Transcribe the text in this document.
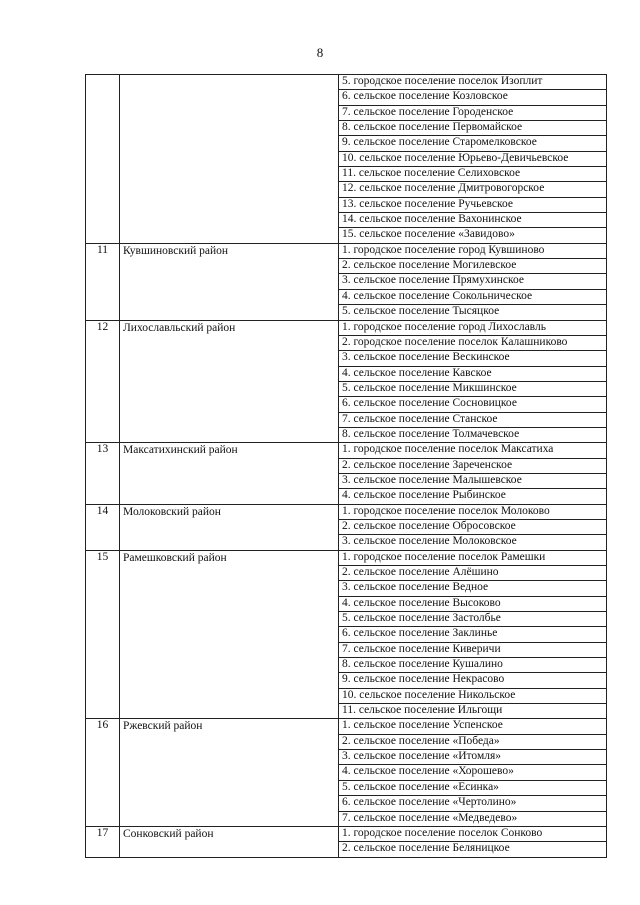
8
		5. городское поселение поселок Изоплит
		6. сельское поселение Козловское
		7. сельское поселение Городенское
		8. сельское поселение Первомайское
		9. сельское поселение Старомелковское
		10. сельское поселение Юрьево-Девичьевское
		11. сельское поселение Селиховское
		12. сельское поселение Дмитровогорское
		13. сельское поселение Ручьевское
		14. сельское поселение Вахонинское
		15. сельское поселение «Завидово»
11	Кувшиновский район	1. городское поселение город Кувшиново
		2. сельское поселение Могилевское
		3. сельское поселение Прямухинское
		4. сельское поселение Сокольническое
		5. сельское поселение Тысяцкое
12	Лихославльский район	1. городское поселение город Лихославль
		2. городское поселение поселок Калашниково
		3. сельское поселение Вескинское
		4. сельское поселение Кавское
		5. сельское поселение Микшинское
		6. сельское поселение Сосновицкое
		7. сельское поселение Станское
		8. сельское поселение Толмачевское
13	Максатихинский район	1. городское поселение поселок Максатиха
		2. сельское поселение Зареченское
		3. сельское поселение Малышевское
		4. сельское поселение Рыбинское
14	Молоковский район	1. городское поселение поселок Молоково
		2. сельское поселение Обросовское
		3. сельское поселение Молоковское
15	Рамешковский район	1. городское поселение поселок Рамешки
		2. сельское поселение Алёшино
		3. сельское поселение Ведное
		4. сельское поселение Высоково
		5. сельское поселение Застолбье
		6. сельское поселение Заклинье
		7. сельское поселение Киверичи
		8. сельское поселение Кушалино
		9. сельское поселение Некрасово
		10. сельское поселение Никольское
		11. сельское поселение Ильгощи
16	Ржевский район	1. сельское поселение Успенское
		2. сельское поселение «Победа»
		3. сельское поселение «Итомля»
		4. сельское поселение «Хорошево»
		5. сельское поселение «Есинка»
		6. сельское поселение «Чертолино»
		7. сельское поселение «Медведево»
17	Сонковский район	1. городское поселение поселок Сонково
		2. сельское поселение Беляницкое
